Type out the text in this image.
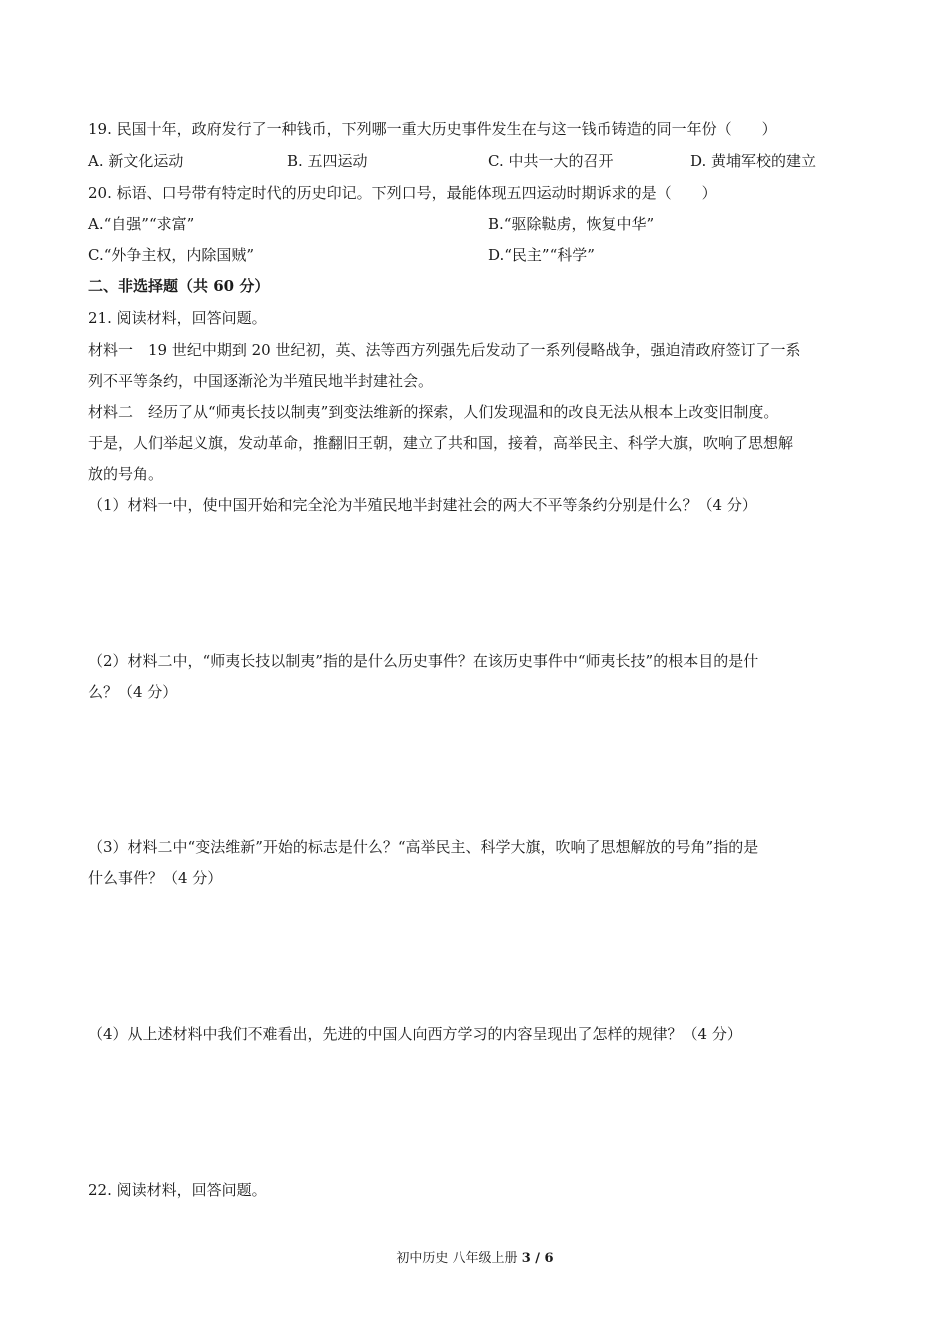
19. 民国十年，政府发行了一种钱币，下列哪一重大历史事件发生在与这一钱币铸造的同一年份（　　）
A. 新文化运动	B. 五四运动	C. 中共一大的召开	D. 黄埔军校的建立
20. 标语、口号带有特定时代的历史印记。下列口号，最能体现五四运动时期诉求的是（　　）
A.“自强”“求富”	B.“驱除鞑虏，恢复中华”
C.“外争主权，内除国贼”	D.“民主”“科学”
二、非选择题（共 60 分）
21. 阅读材料，回答问题。
材料一　19 世纪中期到 20 世纪初，英、法等西方列强先后发动了一系列侵略战争，强迫清政府签订了一系
列不平等条约，中国逐渐沦为半殖民地半封建社会。
材料二　经历了从“师夷长技以制夷”到变法维新的探索，人们发现温和的改良无法从根本上改变旧制度。
于是，人们举起义旗，发动革命，推翻旧王朝，建立了共和国，接着，高举民主、科学大旗，吹响了思想解
放的号角。
（1）材料一中，使中国开始和完全沦为半殖民地半封建社会的两大不平等条约分别是什么？（4 分）
（2）材料二中，“师夷长技以制夷”指的是什么历史事件？在该历史事件中“师夷长技”的根本目的是什
么？（4 分）
（3）材料二中“变法维新”开始的标志是什么？“高举民主、科学大旗，吹响了思想解放的号角”指的是
什么事件？（4 分）
（4）从上述材料中我们不难看出，先进的中国人向西方学习的内容呈现出了怎样的规律？（4 分）
22. 阅读材料，回答问题。
初中历史 八年级上册 3 / 6
